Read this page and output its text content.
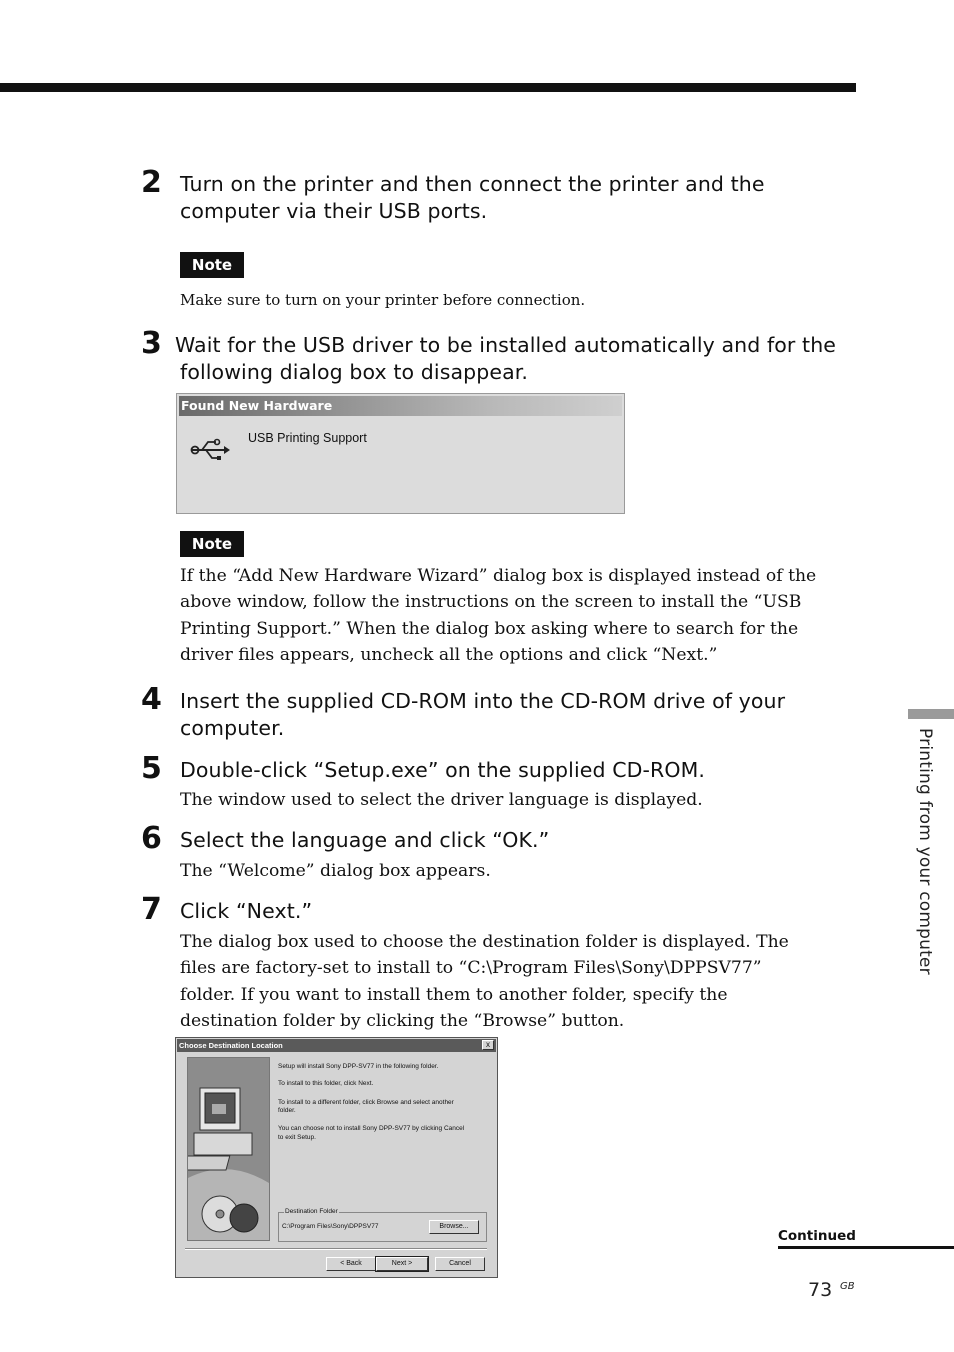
2 Turn on the printer and then connect the printer and the
computer via their USB ports.
Note
Make sure to turn on your printer before connection.
3 Wait for the USB driver to be installed automatically and for the
following dialog box to disappear.
Found New Hardware
USB Printing Support
Note
If the “Add New Hardware Wizard” dialog box is displayed instead of the
above window, follow the instructions on the screen to install the “USB
Printing Support.” When the dialog box asking where to search for the
driver files appears, uncheck all the options and click “Next.”
4 Insert the supplied CD-ROM into the CD-ROM drive of your
computer.
5 Double-click “Setup.exe” on the supplied CD-ROM.
The window used to select the driver language is displayed.
6 Select the language and click “OK.”
The “Welcome” dialog box appears.
7 Click “Next.”
The dialog box used to choose the destination folder is displayed. The
files are factory-set to install to “C:\Program Files\Sony\DPPSV77”
folder. If you want to install them to another folder, specify the
destination folder by clicking the “Browse” button.
Choose Destination Location	x
Setup will install Sony DPP-SV77 in the following folder.
To install to this folder, click Next.
To install to a different folder, click Browse and select another
folder.
You can choose not to install Sony DPP-SV77 by clicking Cancel
to exit Setup.
Destination Folder
C:\Program Files\Sony\DPPSV77	Browse...
< Back	Next >	Cancel
Printing from your computer
Continued
73 GB
